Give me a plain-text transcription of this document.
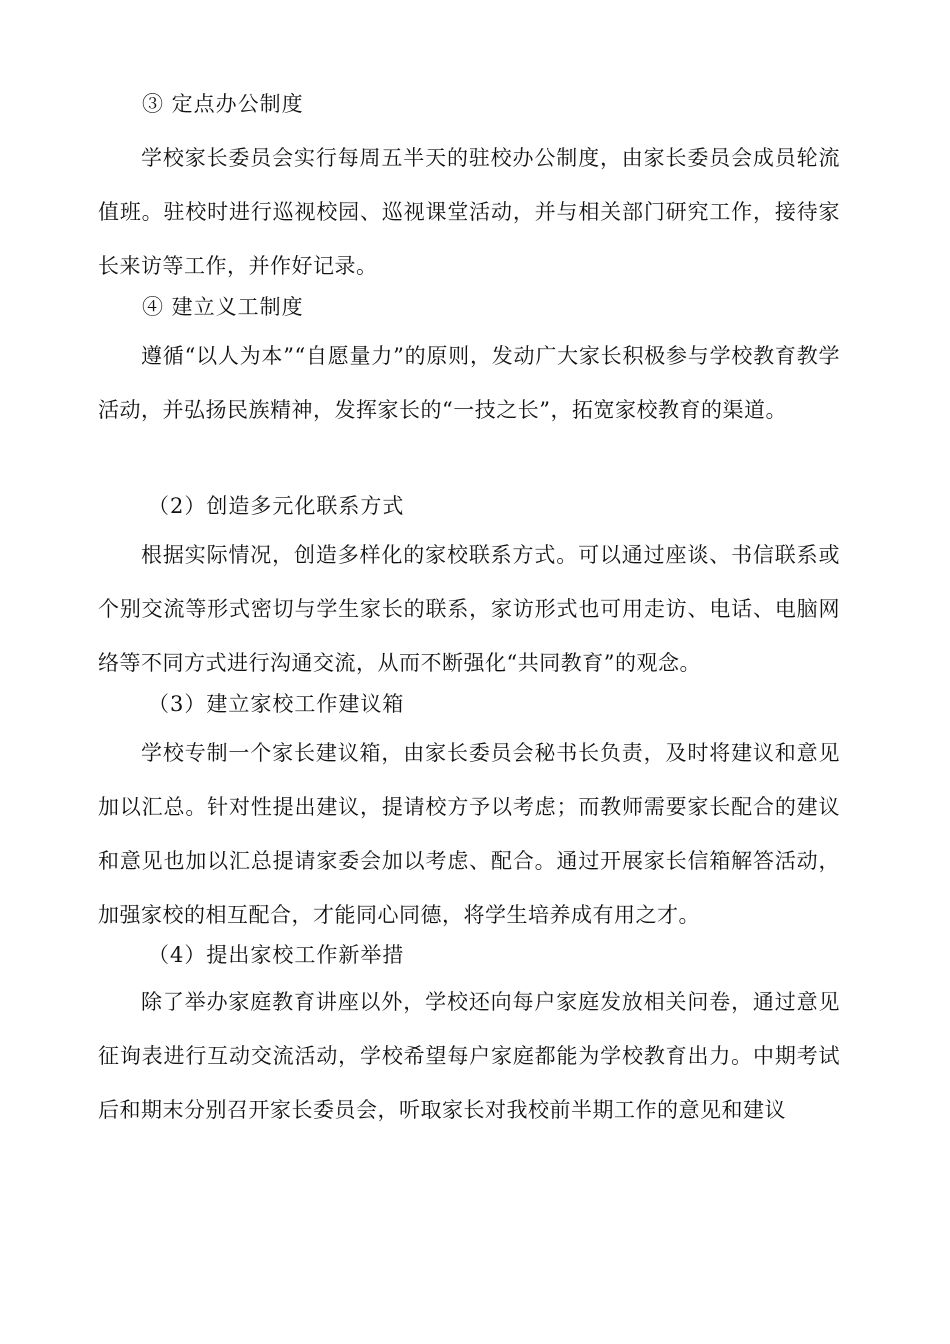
③ 定点办公制度
学校家长委员会实行每周五半天的驻校办公制度，由家长委员会成员轮流值班。驻校时进行巡视校园、巡视课堂活动，并与相关部门研究工作，接待家长来访等工作，并作好记录。
④ 建立义工制度
遵循“以人为本”“自愿量力”的原则，发动广大家长积极参与学校教育教学活动，并弘扬民族精神，发挥家长的“一技之长”，拓宽家校教育的渠道。
（2）创造多元化联系方式
根据实际情况，创造多样化的家校联系方式。可以通过座谈、书信联系或个别交流等形式密切与学生家长的联系，家访形式也可用走访、电话、电脑网络等不同方式进行沟通交流，从而不断强化“共同教育”的观念。
（3）建立家校工作建议箱
学校专制一个家长建议箱，由家长委员会秘书长负责，及时将建议和意见加以汇总。针对性提出建议，提请校方予以考虑；而教师需要家长配合的建议和意见也加以汇总提请家委会加以考虑、配合。通过开展家长信箱解答活动，加强家校的相互配合，才能同心同德，将学生培养成有用之才。
（4）提出家校工作新举措
除了举办家庭教育讲座以外，学校还向每户家庭发放相关问卷，通过意见征询表进行互动交流活动，学校希望每户家庭都能为学校教育出力。中期考试后和期末分别召开家长委员会，听取家长对我校前半期工作的意见和建议
